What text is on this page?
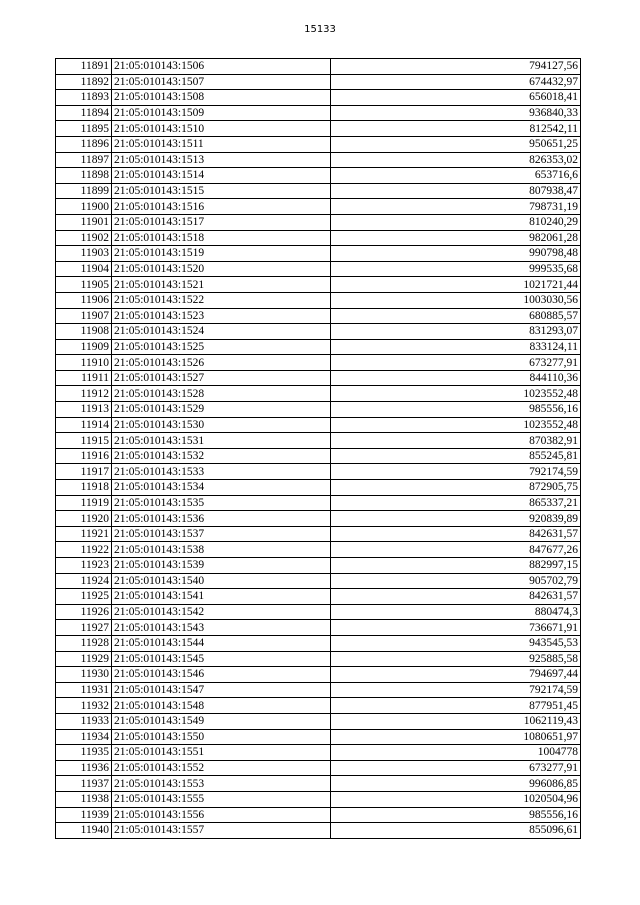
15133
11891	21:05:010143:1506	794127,56
11892	21:05:010143:1507	674432,97
11893	21:05:010143:1508	656018,41
11894	21:05:010143:1509	936840,33
11895	21:05:010143:1510	812542,11
11896	21:05:010143:1511	950651,25
11897	21:05:010143:1513	826353,02
11898	21:05:010143:1514	653716,6
11899	21:05:010143:1515	807938,47
11900	21:05:010143:1516	798731,19
11901	21:05:010143:1517	810240,29
11902	21:05:010143:1518	982061,28
11903	21:05:010143:1519	990798,48
11904	21:05:010143:1520	999535,68
11905	21:05:010143:1521	1021721,44
11906	21:05:010143:1522	1003030,56
11907	21:05:010143:1523	680885,57
11908	21:05:010143:1524	831293,07
11909	21:05:010143:1525	833124,11
11910	21:05:010143:1526	673277,91
11911	21:05:010143:1527	844110,36
11912	21:05:010143:1528	1023552,48
11913	21:05:010143:1529	985556,16
11914	21:05:010143:1530	1023552,48
11915	21:05:010143:1531	870382,91
11916	21:05:010143:1532	855245,81
11917	21:05:010143:1533	792174,59
11918	21:05:010143:1534	872905,75
11919	21:05:010143:1535	865337,21
11920	21:05:010143:1536	920839,89
11921	21:05:010143:1537	842631,57
11922	21:05:010143:1538	847677,26
11923	21:05:010143:1539	882997,15
11924	21:05:010143:1540	905702,79
11925	21:05:010143:1541	842631,57
11926	21:05:010143:1542	880474,3
11927	21:05:010143:1543	736671,91
11928	21:05:010143:1544	943545,53
11929	21:05:010143:1545	925885,58
11930	21:05:010143:1546	794697,44
11931	21:05:010143:1547	792174,59
11932	21:05:010143:1548	877951,45
11933	21:05:010143:1549	1062119,43
11934	21:05:010143:1550	1080651,97
11935	21:05:010143:1551	1004778
11936	21:05:010143:1552	673277,91
11937	21:05:010143:1553	996086,85
11938	21:05:010143:1555	1020504,96
11939	21:05:010143:1556	985556,16
11940	21:05:010143:1557	855096,61
